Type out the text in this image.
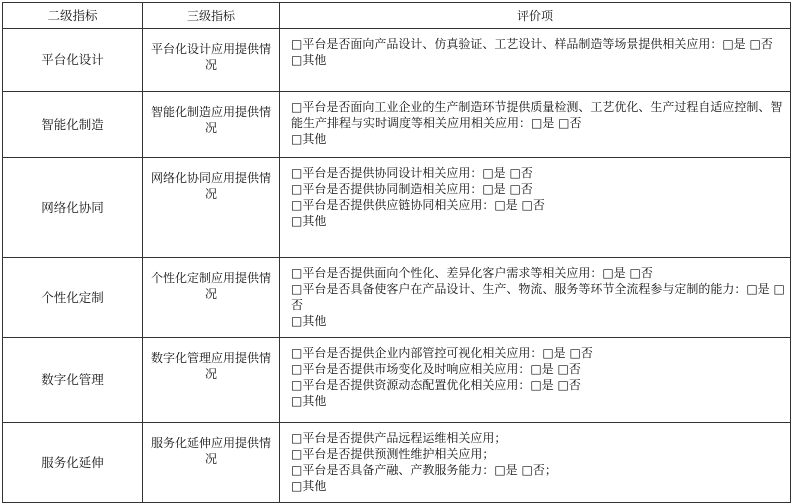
二级指标	三级指标	评价项
平台化设计	平台化设计应用提供情况	□平台是否面向产品设计、仿真验证、工艺设计、样品制造等场景提供相关应用：□是 □否
□其他

智能化制造	智能化制造应用提供情况	□平台是否面向工业企业的生产制造环节提供质量检测、工艺优化、生产过程自适应控制、智能生产排程与实时调度等相关应用相关应用：□是 □否
□其他

网络化协同	网络化协同应用提供情况	□平台是否提供协同设计相关应用：□是 □否
□平台是否提供协同制造相关应用：□是 □否
□平台是否提供供应链协同相关应用：□是 □否
□其他

个性化定制	个性化定制应用提供情况	□平台是否提供面向个性化、差异化客户需求等相关应用：□是 □否
□平台是否具备使客户在产品设计、生产、物流、服务等环节全流程参与定制的能力：□是 □否
□其他

数字化管理	数字化管理应用提供情况	□平台是否提供企业内部管控可视化相关应用：□是 □否
□平台是否提供市场变化及时响应相关应用：□是 □否
□平台是否提供资源动态配置优化相关应用：□是 □否
□其他

服务化延伸	服务化延伸应用提供情况	□平台是否提供产品远程运维相关应用；
□平台是否提供预测性维护相关应用；
□平台是否具备产融、产教服务能力：□是 □否；
□其他
